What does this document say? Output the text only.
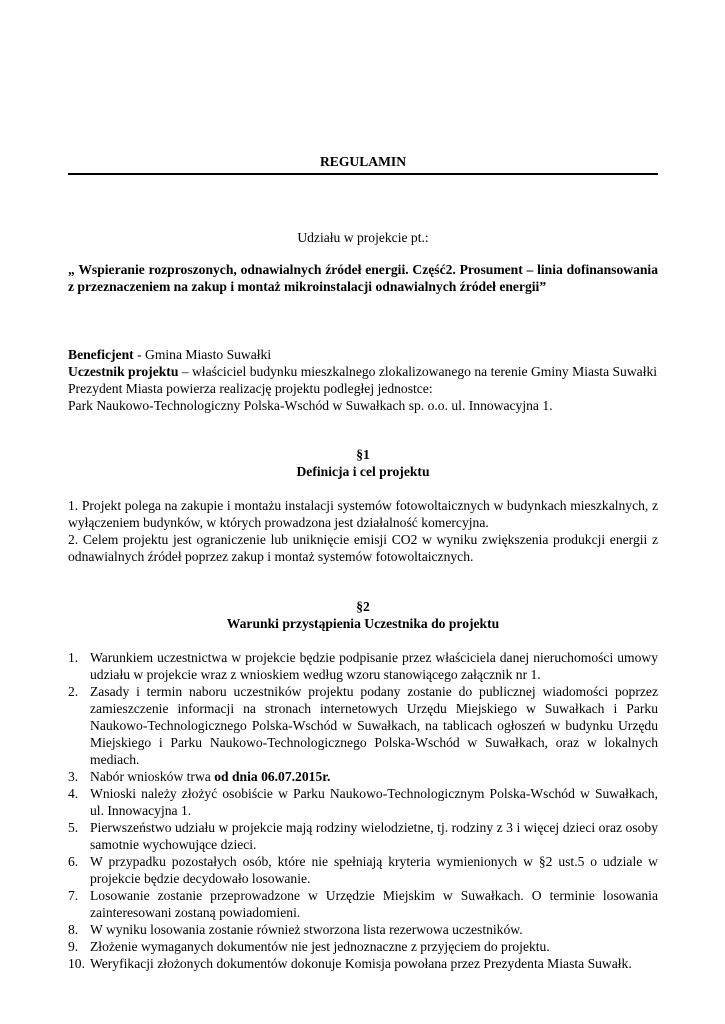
REGULAMIN
Udziału w projekcie pt.:
„ Wspieranie rozproszonych, odnawialnych źródeł energii. Część2. Prosument – linia dofinansowania z przeznaczeniem na zakup i montaż mikroinstalacji odnawialnych źródeł energii”

Beneficjent - Gmina Miasto Suwałki

Uczestnik projektu – właściciel budynku mieszkalnego zlokalizowanego na terenie Gminy Miasta Suwałki

Prezydent Miasta powierza realizację projektu podległej jednostce:

Park Naukowo-Technologiczny Polska-Wschód w Suwałkach sp. o.o. ul. Innowacyjna 1.

§1
Definicja i cel projektu

1. Projekt polega na zakupie i montażu instalacji systemów fotowoltaicznych w budynkach mieszkalnych, z wyłączeniem budynków, w których prowadzona jest działalność komercyjna.

2. Celem projektu jest ograniczenie lub uniknięcie emisji CO2 w wyniku zwiększenia produkcji energii z odnawialnych źródeł poprzez zakup i montaż systemów fotowoltaicznych.

§2
Warunki przystąpienia Uczestnika do projektu
1. Warunkiem uczestnictwa w projekcie będzie podpisanie przez właściciela danej nieruchomości umowy udziału w projekcie wraz z wnioskiem według wzoru stanowiącego załącznik nr 1.
2. Zasady i termin naboru uczestników projektu podany zostanie do publicznej wiadomości poprzez zamieszczenie informacji na stronach internetowych Urzędu Miejskiego w Suwałkach i Parku Naukowo-Technologicznego Polska-Wschód w Suwałkach, na tablicach ogłoszeń w budynku Urzędu Miejskiego i Parku Naukowo-Technologicznego Polska-Wschód w Suwałkach, oraz w lokalnych mediach.
3. Nabór wniosków trwa od dnia 06.07.2015r.
4. Wnioski należy złożyć osobiście w Parku Naukowo-Technologicznym Polska-Wschód w Suwałkach, ul. Innowacyjna 1.
5. Pierwszeństwo udziału w projekcie mają rodziny wielodzietne, tj. rodziny z 3 i więcej dzieci oraz osoby samotnie wychowujące dzieci.
6. W przypadku pozostałych osób, które nie spełniają kryteria wymienionych w §2 ust.5 o udziale w projekcie będzie decydowało losowanie.
7. Losowanie zostanie przeprowadzone w Urzędzie Miejskim w Suwałkach. O terminie losowania zainteresowani zostaną powiadomieni.
8. W wyniku losowania zostanie również stworzona lista rezerwowa uczestników.
9. Złożenie wymaganych dokumentów nie jest jednoznaczne z przyjęciem do projektu.
10. Weryfikacji złożonych dokumentów dokonuje Komisja powołana przez Prezydenta Miasta Suwałk.
